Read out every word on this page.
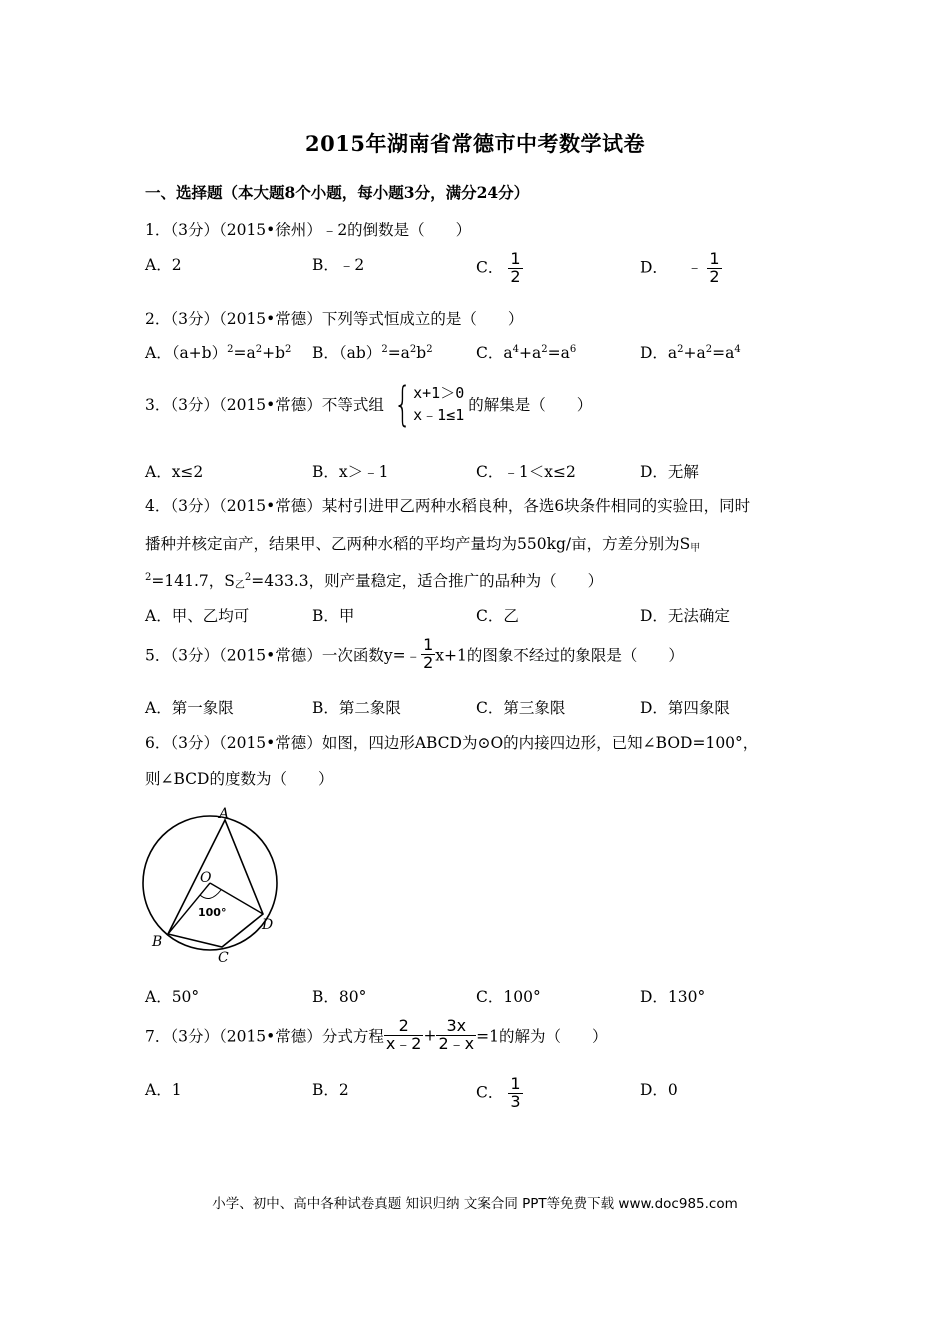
2015年湖南省常德市中考数学试卷
一、选择题（本大题8个小题，每小题3分，满分24分）
1．（3分）（2015•徐州）﹣2的倒数是（　　）
A．2	B．﹣2	C． $\frac{1}{2}$	D． ﹣ $\frac{1}{2}$
2．（3分）（2015•常德）下列等式恒成立的是（　　）
A．$(a+b)^2=a^2+b^2$ B．$(ab)^2=a^2b^2$	C．$a^4+a^2=a^6$	D．$a^2+a^2=a^4$
3．（3分）（2015•常德）不等式组 { x+1＞0
x﹣1≤1
的解集是（　　）
A．x≤2	B．x＞﹣1	C．﹣1＜x≤2	D．无解
4．（3分）（2015•常德）某村引进甲乙两种水稻良种，各选6块条件相同的实验田，同时
播种并核定亩产，结果甲、乙两种水稻的平均产量均为550kg/亩，方差分别为$S_甲$
$^2$=141.7，$S_乙^2=433.3$，则产量稳定，适合推广的品种为（　　）
A．甲、乙均可	B．甲	C．乙	D．无法确定
5．（3分）（2015•常德）一次函数y=﹣ $\frac{1}{2} x+1$的图象不经过的象限是（　　）
A．第一象限	B．第二象限	C．第三象限	D．第四象限
6．（3分）（2015•常德）如图，四边形ABCD为⊙O的内接四边形，已知∠BOD=100°，
则∠BCD的度数为（　　）
A
O
100°
B
C
D
A．50°	B．80°	C．100°	D．130°
7．（3分）（2015•常德）分式方程 $\frac{2}{x﹣2} + \frac{3x}{2﹣x} =1$的解为（　　）
A．1	B．2	C． $\frac{1}{3}$	D．0
小学、初中、高中各种试卷真题 知识归纳 文案合同 PPT等免费下载 www.doc985.com
